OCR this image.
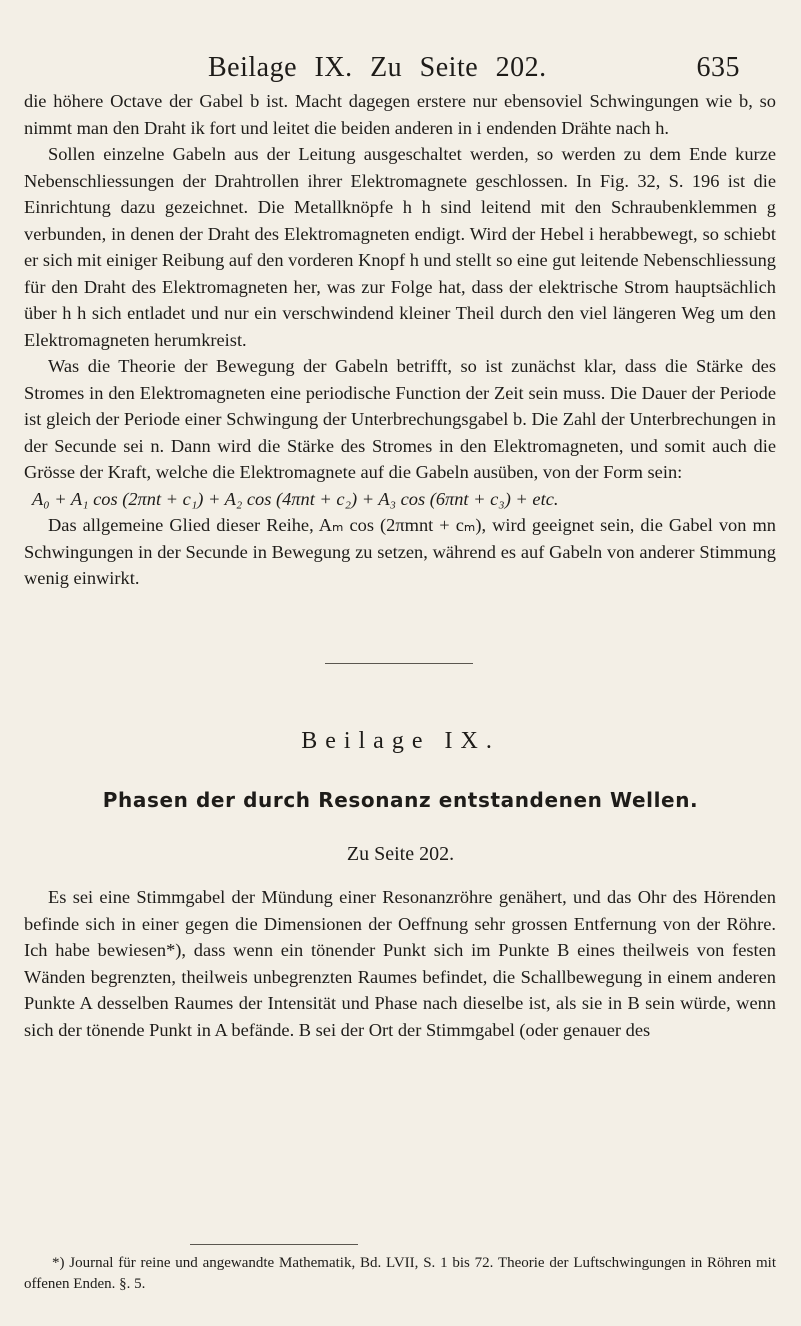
Beilage IX. Zu Seite 202.	635

die höhere Octave der Gabel b ist. Macht dagegen erstere nur ebensoviel Schwingungen wie b, so nimmt man den Draht ik fort und leitet die beiden anderen in i endenden Drähte nach h.

Sollen einzelne Gabeln aus der Leitung ausgeschaltet werden, so werden zu dem Ende kurze Nebenschliessungen der Drahtrollen ihrer Elektromagnete geschlossen. In Fig. 32, S. 196 ist die Einrichtung dazu gezeichnet. Die Metallknöpfe h h sind leitend mit den Schraubenklemmen g verbunden, in denen der Draht des Elektromagneten endigt. Wird der Hebel i herabbewegt, so schiebt er sich mit einiger Reibung auf den vorderen Knopf h und stellt so eine gut leitende Nebenschliessung für den Draht des Elektromagneten her, was zur Folge hat, dass der elektrische Strom hauptsächlich über h h sich entladet und nur ein verschwindend kleiner Theil durch den viel längeren Weg um den Elektromagneten herumkreist.

Was die Theorie der Bewegung der Gabeln betrifft, so ist zunächst klar, dass die Stärke des Stromes in den Elektromagneten eine periodische Function der Zeit sein muss. Die Dauer der Periode ist gleich der Periode einer Schwingung der Unterbrechungsgabel b. Die Zahl der Unterbrechungen in der Secunde sei n. Dann wird die Stärke des Stromes in den Elektromagneten, und somit auch die Grösse der Kraft, welche die Elektromagnete auf die Gabeln ausüben, von der Form sein:

A₀ + A₁ cos (2πnt + c₁) + A₂ cos (4πnt + c₂) + A₃ cos (6πnt + c₃) + etc.

Das allgemeine Glied dieser Reihe, Aₘ cos (2πmnt + cₘ), wird geeignet sein, die Gabel von mn Schwingungen in der Secunde in Bewegung zu setzen, während es auf Gabeln von anderer Stimmung wenig einwirkt.

Beilage IX.
Phasen der durch Resonanz entstandenen Wellen.
Zu Seite 202.

Es sei eine Stimmgabel der Mündung einer Resonanzröhre genähert, und das Ohr des Hörenden befinde sich in einer gegen die Dimensionen der Oeffnung sehr grossen Entfernung von der Röhre. Ich habe bewiesen*), dass wenn ein tönender Punkt sich im Punkte B eines theilweis von festen Wänden begrenzten, theilweis unbegrenzten Raumes befindet, die Schallbewegung in einem anderen Punkte A desselben Raumes der Intensität und Phase nach dieselbe ist, als sie in B sein würde, wenn sich der tönende Punkt in A befände. B sei der Ort der Stimmgabel (oder genauer des

*) Journal für reine und angewandte Mathematik, Bd. LVII, S. 1 bis 72. Theorie der Luftschwingungen in Röhren mit offenen Enden. §. 5.
